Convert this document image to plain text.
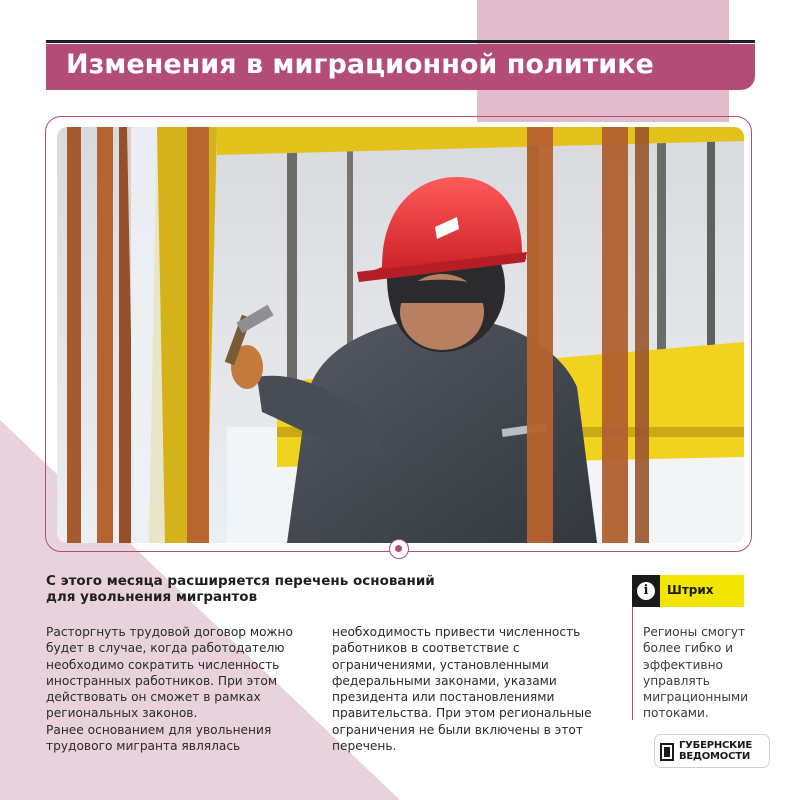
Изменения в миграционной политике
С этого месяца расширяется перечень оснований
для увольнения мигрантов
Расторгнуть трудовой договор можно
будет в случае, когда работодателю
необходимо сократить численность
иностранных работников. При этом
действовать он сможет в рамках
региональных законов.
Ранее основанием для увольнения
трудового мигранта являлась
необходимость привести численность
работников в соответствие с
ограничениями, установленными
федеральными законами, указами
президента или постановлениями
правительства. При этом региональные
ограничения не были включены в этот
перечень.
i	Штрих
Регионы смогут
более гибко и
эффективно
управлять
миграционными
потоками.
ГУБЕРНСКИЕ
ВЕДОМОСТИ
